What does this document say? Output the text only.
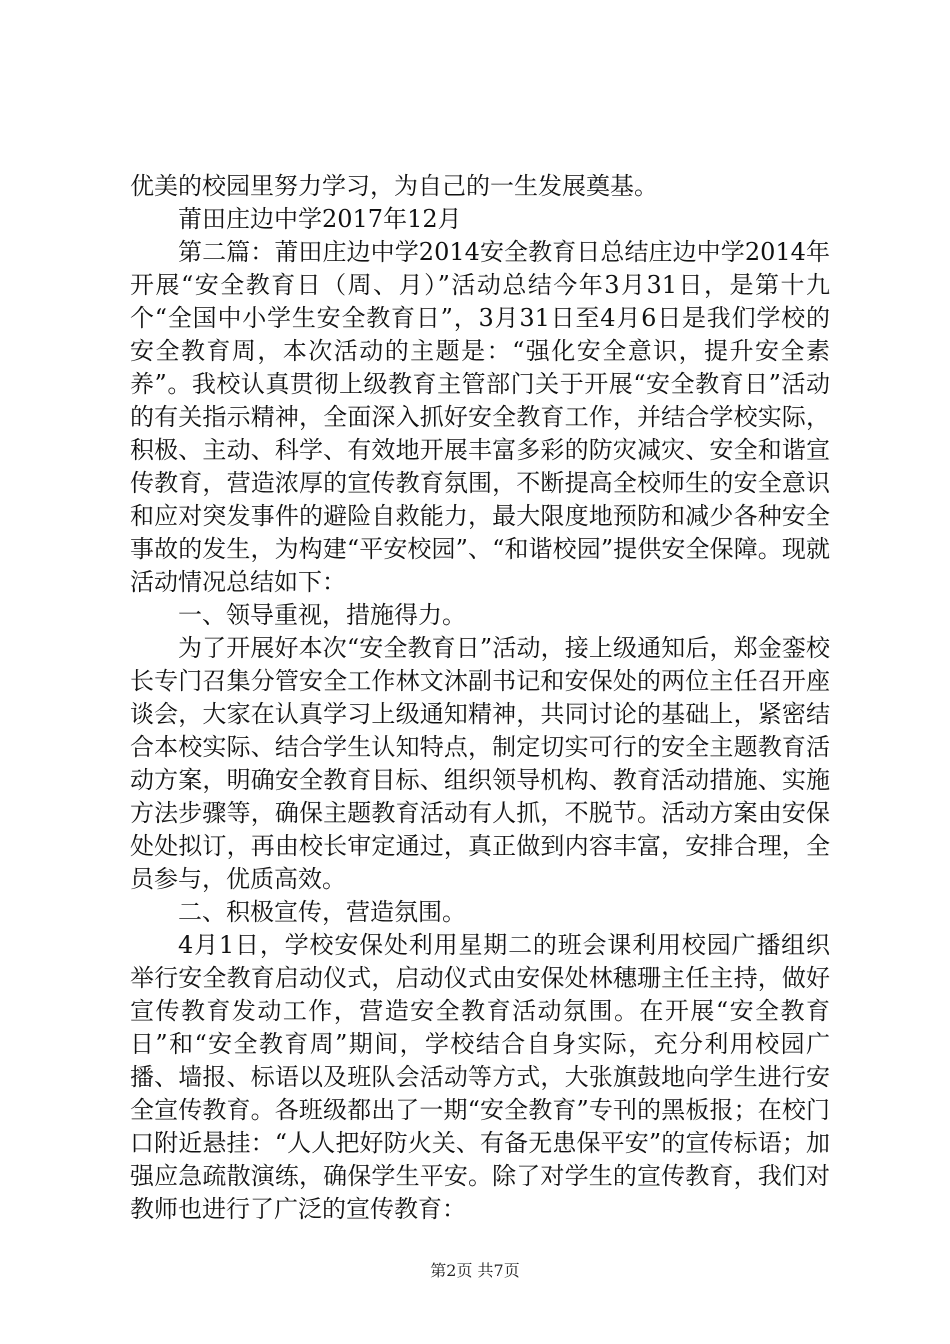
优美的校园里努力学习，为自己的一生发展奠基。

莆田庄边中学2017年12月

第二篇：莆田庄边中学2014安全教育日总结庄边中学2014年开展“安全教育日（周、月）”活动总结今年3月31日，是第十九个“全国中小学生安全教育日”，3月31日至4月6日是我们学校的安全教育周，本次活动的主题是：“强化安全意识，提升安全素养”。我校认真贯彻上级教育主管部门关于开展“安全教育日”活动的有关指示精神，全面深入抓好安全教育工作，并结合学校实际，积极、主动、科学、有效地开展丰富多彩的防灾减灾、安全和谐宣传教育，营造浓厚的宣传教育氛围，不断提高全校师生的安全意识和应对突发事件的避险自救能力，最大限度地预防和减少各种安全事故的发生，为构建“平安校园”、“和谐校园”提供安全保障。现就活动情况总结如下：

一、领导重视，措施得力。

为了开展好本次“安全教育日”活动，接上级通知后，郑金銮校长专门召集分管安全工作林文沐副书记和安保处的两位主任召开座谈会，大家在认真学习上级通知精神，共同讨论的基础上，紧密结合本校实际、结合学生认知特点，制定切实可行的安全主题教育活动方案，明确安全教育目标、组织领导机构、教育活动措施、实施方法步骤等，确保主题教育活动有人抓，不脱节。活动方案由安保处处拟订，再由校长审定通过，真正做到内容丰富，安排合理，全员参与，优质高效。

二、积极宣传，营造氛围。

4月1日，学校安保处利用星期二的班会课利用校园广播组织举行安全教育启动仪式，启动仪式由安保处林穗珊主任主持，做好宣传教育发动工作，营造安全教育活动氛围。在开展“安全教育日”和“安全教育周”期间，学校结合自身实际，充分利用校园广播、墙报、标语以及班队会活动等方式，大张旗鼓地向学生进行安全宣传教育。各班级都出了一期“安全教育”专刊的黑板报；在校门口附近悬挂：“人人把好防火关、有备无患保平安”的宣传标语；加强应急疏散演练，确保学生平安。除了对学生的宣传教育，我们对教师也进行了广泛的宣传教育：

第2页 共7页
